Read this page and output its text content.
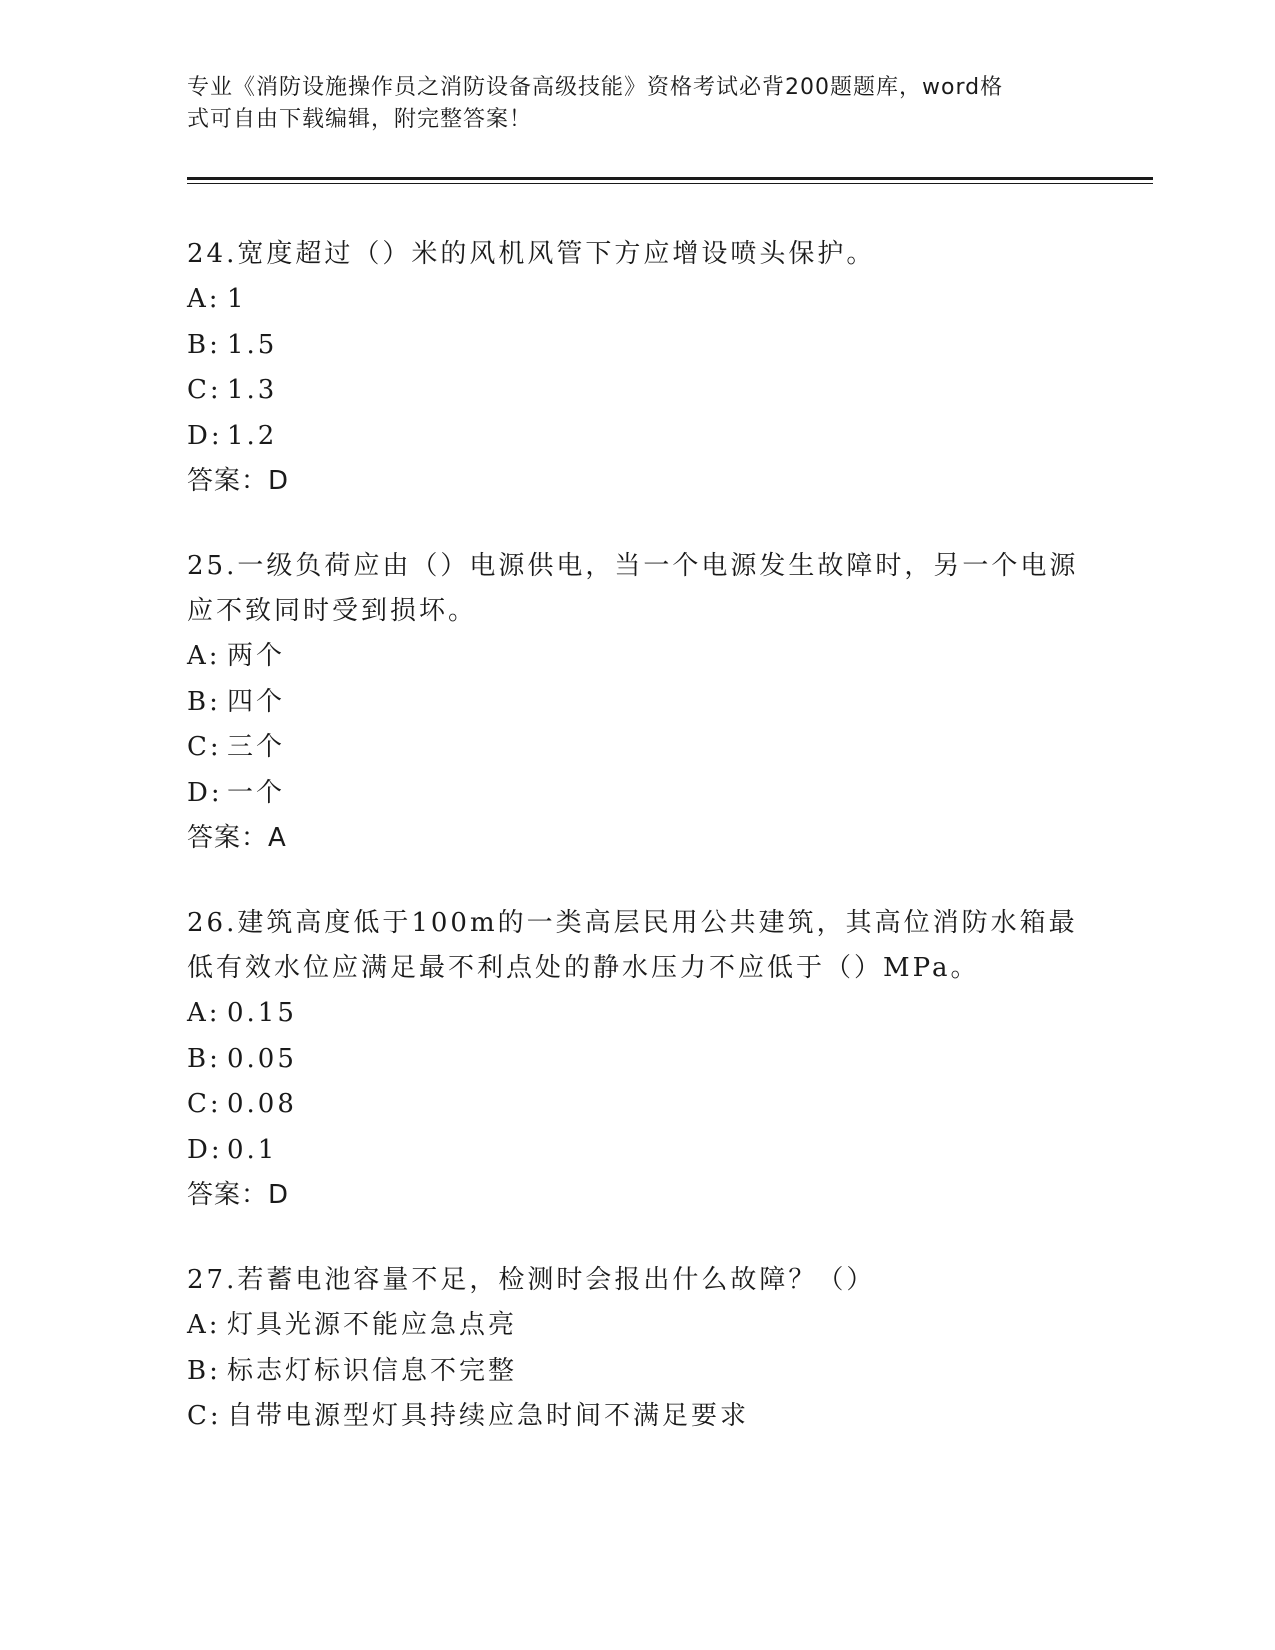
专业《消防设施操作员之消防设备高级技能》资格考试必背200题题库，word格
式可自由下载编辑，附完整答案！

24.宽度超过（）米的风机风管下方应增设喷头保护。

A: 1

B: 1.5

C: 1.3

D: 1.2

答案：D

25.一级负荷应由（）电源供电，当一个电源发生故障时，另一个电源应不致同时受到损坏。

A: 两个

B: 四个

C: 三个

D: 一个

答案：A

26.建筑高度低于100m的一类高层民用公共建筑，其高位消防水箱最低有效水位应满足最不利点处的静水压力不应低于（）MPa。

A: 0.15

B: 0.05

C: 0.08

D: 0.1

答案：D

27.若蓄电池容量不足，检测时会报出什么故障？（）

A: 灯具光源不能应急点亮

B: 标志灯标识信息不完整

C: 自带电源型灯具持续应急时间不满足要求
